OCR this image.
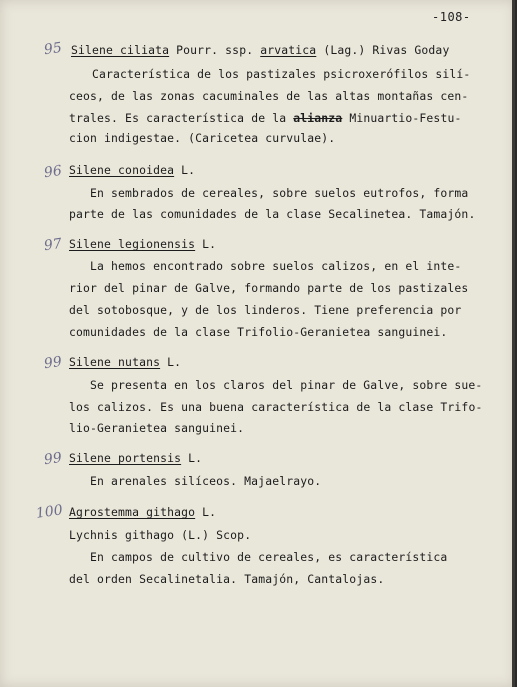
-108-
95 Silene ciliata Pourr. ssp. arvatica (Lag.) Rivas Goday
Característica de los pastizales psicroxerófilos silí-
ceos, de las zonas cacuminales de las altas montañas cen-
trales. Es característica de la alianza Minuartio-Festu-
cion indigestae. (Caricetea curvulae).
96 Silene conoidea L.
En sembrados de cereales, sobre suelos eutrofos, forma
parte de las comunidades de la clase Secalinetea. Tamajón.
97 Silene legionensis L.
La hemos encontrado sobre suelos calizos, en el inte-
rior del pinar de Galve, formando parte de los pastizales
del sotobosque, y de los linderos. Tiene preferencia por
comunidades de la clase Trifolio-Geranietea sanguinei.
99 Silene nutans L.
Se presenta en los claros del pinar de Galve, sobre sue-
los calizos. Es una buena característica de la clase Trifo-
lio-Geranietea sanguinei.
99 Silene portensis L.
En arenales silíceos. Majaelrayo.
100 Agrostemma githago L.
Lychnis githago (L.) Scop.
En campos de cultivo de cereales, es característica
del orden Secalinetalia. Tamajón, Cantalojas.
